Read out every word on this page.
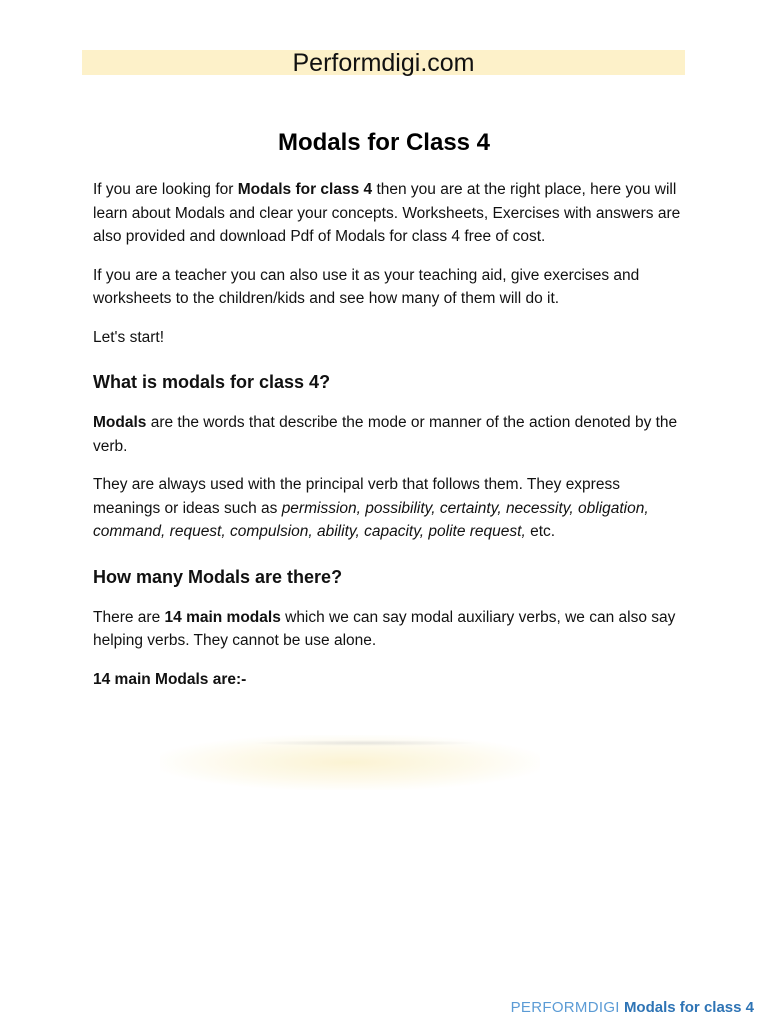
Performdigi.com
Modals for Class 4

If you are looking for Modals for class 4 then you are at the right place, here you will learn about Modals and clear your concepts. Worksheets, Exercises with answers are also provided and download Pdf of Modals for class 4 free of cost.

If you are a teacher you can also use it as your teaching aid, give exercises and worksheets to the children/kids and see how many of them will do it.

Let's start!

What is modals for class 4?

Modals are the words that describe the mode or manner of the action denoted by the verb.

They are always used with the principal verb that follows them. They express meanings or ideas such as permission, possibility, certainty, necessity, obligation, command, request, compulsion, ability, capacity, polite request, etc.

How many Modals are there?

There are 14 main modals which we can say modal auxiliary verbs, we can also say helping verbs. They cannot be use alone.

14 main Modals are:-

PERFORMDIGI Modals for class 4
